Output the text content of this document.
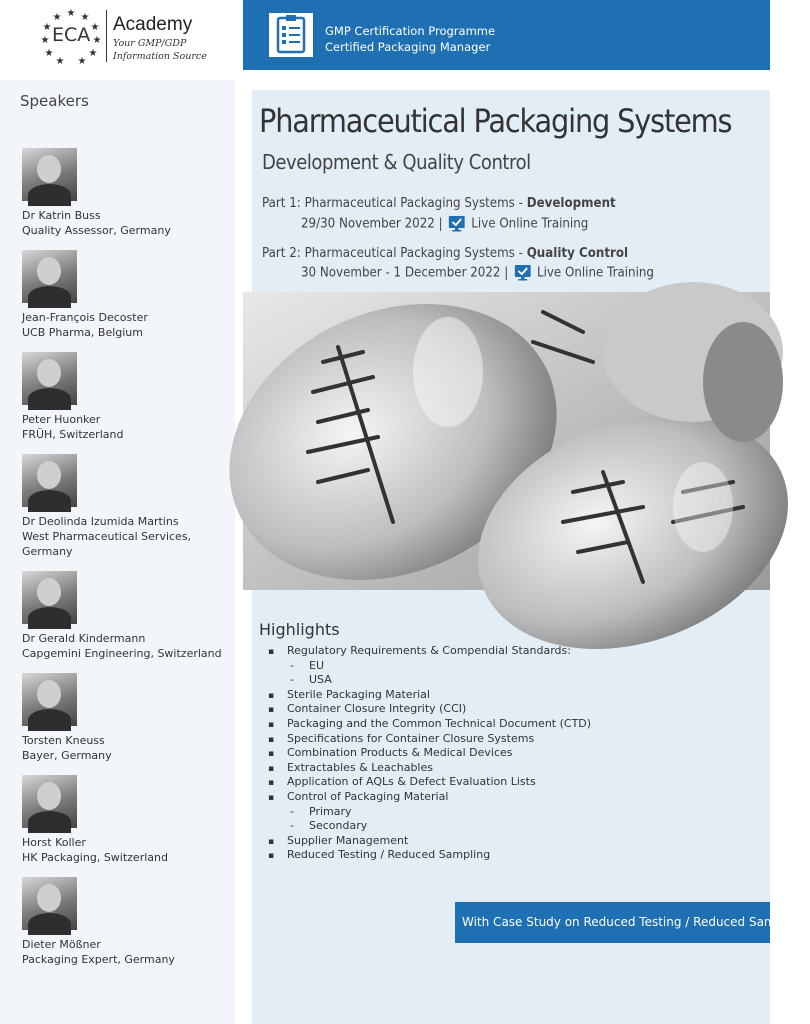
★ ★
★
★
★
★
★
★
★
★
★
ECA Academy
Your GMP/GDP
Information Source
GMP Certification Programme
Certified Packaging Manager
Speakers
Dr Katrin Buss
Quality Assessor, Germany
Jean-François Decoster
UCB Pharma, Belgium
Peter Huonker
FRÜH, Switzerland
Dr Deolinda Izumida Martins
West Pharmaceutical Services,
Germany
Dr Gerald Kindermann
Capgemini Engineering, Switzerland
Torsten Kneuss
Bayer, Germany
Horst Koller
HK Packaging, Switzerland
Dieter Mößner
Packaging Expert, Germany
Pharmaceutical Packaging Systems
Development & Quality Control
Part 1: Pharmaceutical Packaging Systems - Development
29/30 November 2022 | Live Online Training
Part 2: Pharmaceutical Packaging Systems - Quality Control
30 November - 1 December 2022 | Live Online Training
Highlights
▪ Regulatory Requirements & Compendial Standards:
- EU
- USA
▪ Sterile Packaging Material
▪ Container Closure Integrity (CCI)
▪ Packaging and the Common Technical Document (CTD)
▪ Specifications for Container Closure Systems
▪ Combination Products & Medical Devices
▪ Extractables & Leachables
▪ Application of AQLs & Defect Evaluation Lists
▪ Control of Packaging Material
- Primary
- Secondary
▪ Supplier Management
▪ Reduced Testing / Reduced Sampling
With Case Study on Reduced Testing / Reduced Sampling!
